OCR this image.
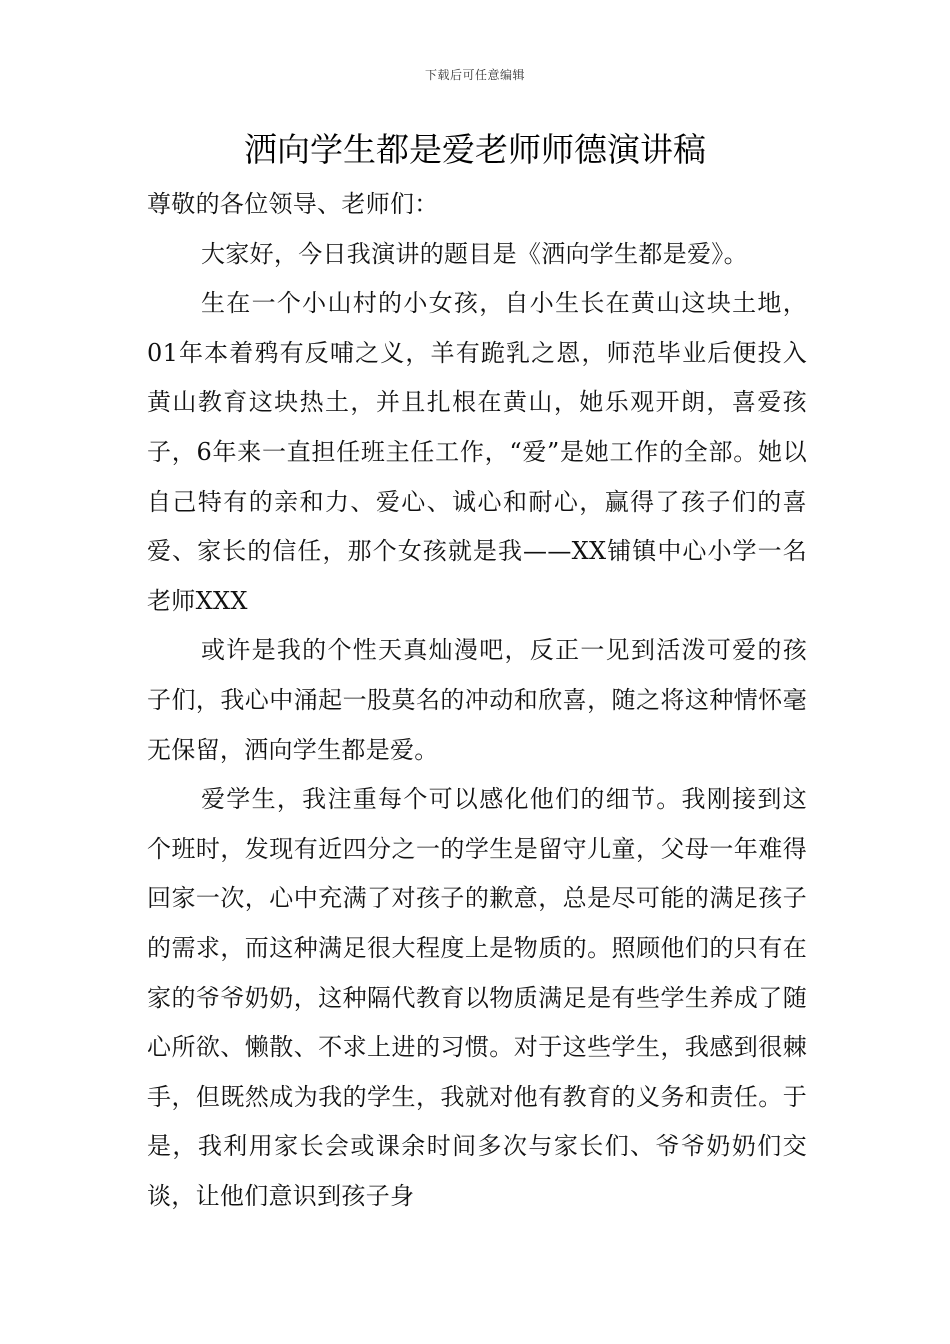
下载后可任意编辑
洒向学生都是爱老师师德演讲稿

尊敬的各位领导、老师们：

大家好，今日我演讲的题目是《洒向学生都是爱》。

生在一个小山村的小女孩，自小生长在黄山这块土地，01年本着鸦有反哺之义，羊有跪乳之恩，师范毕业后便投入黄山教育这块热土，并且扎根在黄山，她乐观开朗，喜爱孩子，6年来一直担任班主任工作，“爱”是她工作的全部。她以自己特有的亲和力、爱心、诚心和耐心，赢得了孩子们的喜爱、家长的信任，那个女孩就是我——XX铺镇中心小学一名老师XXX

或许是我的个性天真灿漫吧，反正一见到活泼可爱的孩子们，我心中涌起一股莫名的冲动和欣喜，随之将这种情怀毫无保留，洒向学生都是爱。

爱学生，我注重每个可以感化他们的细节。我刚接到这个班时，发现有近四分之一的学生是留守儿童，父母一年难得回家一次，心中充满了对孩子的歉意，总是尽可能的满足孩子的需求，而这种满足很大程度上是物质的。照顾他们的只有在家的爷爷奶奶，这种隔代教育以物质满足是有些学生养成了随心所欲、懒散、不求上进的习惯。对于这些学生，我感到很棘手，但既然成为我的学生，我就对他有教育的义务和责任。于是，我利用家长会或课余时间多次与家长们、爷爷奶奶们交谈，让他们意识到孩子身
